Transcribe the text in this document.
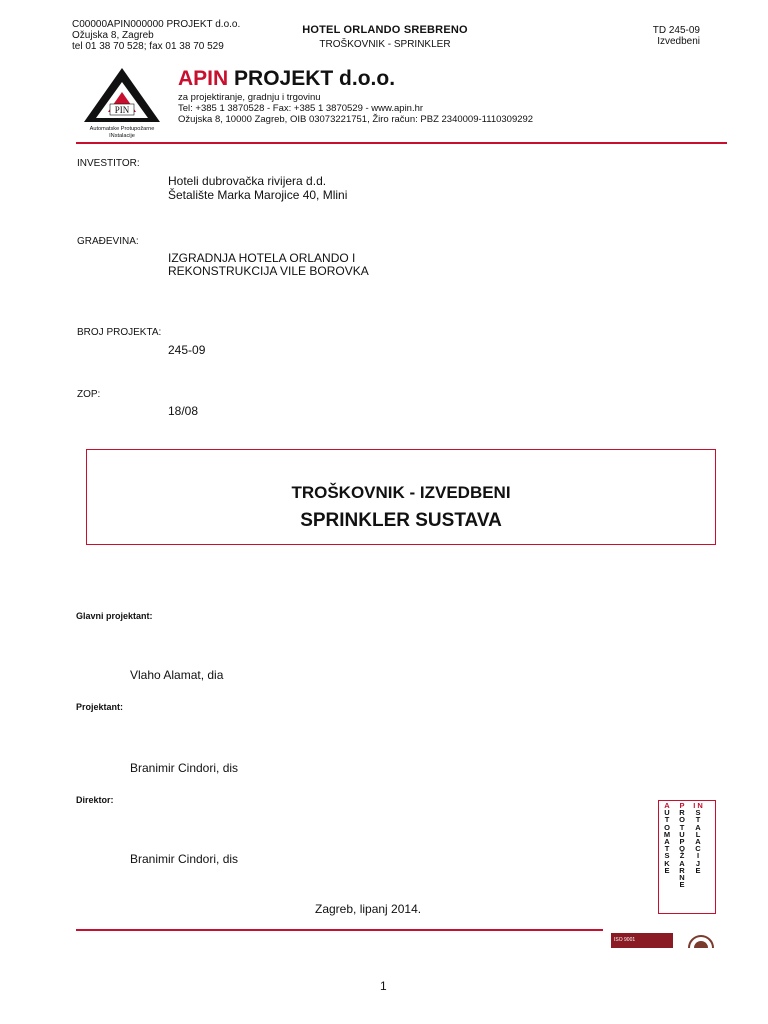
C00000APIN000000 PROJEKT d.o.o.
Ožujska 8, Zagreb
tel 01 38 70 528; fax 01 38 70 529
HOTEL ORLANDO SREBRENO
TROŠKOVNIK - SPRINKLER
TD 245-09
Izvedbeni
PIN
Automatske Protupožarne
INstalacije
APIN PROJEKT d.o.o.
za projektiranje, gradnju i trgovinu
Tel: +385 1 3870528 - Fax: +385 1 3870529 - www.apin.hr
Ožujska 8, 10000 Zagreb, OIB 03073221751, Žiro račun: PBZ 2340009-1110309292
INVESTITOR:
Hoteli dubrovačka rivijera d.d.
Šetalište Marka Marojice 40, Mlini
GRAĐEVINA:
IZGRADNJA HOTELA ORLANDO I
REKONSTRUKCIJA VILE BOROVKA
BROJ PROJEKTA:
245-09
ZOP:
18/08
TROŠKOVNIK - IZVEDBENI
SPRINKLER SUSTAVA
Glavni projektant:
Vlaho Alamat, dia
Projektant:
Branimir Cindori, dis
Direktor:
Branimir Cindori, dis
A
U
T
O
M
A
T
S
K
E
P
R
O
T
U
P
O
Ž
A
R
N
E
I N
S
T
A
L
A
C
I
J
E
Zagreb, lipanj 2014.
ISO 9001
1
